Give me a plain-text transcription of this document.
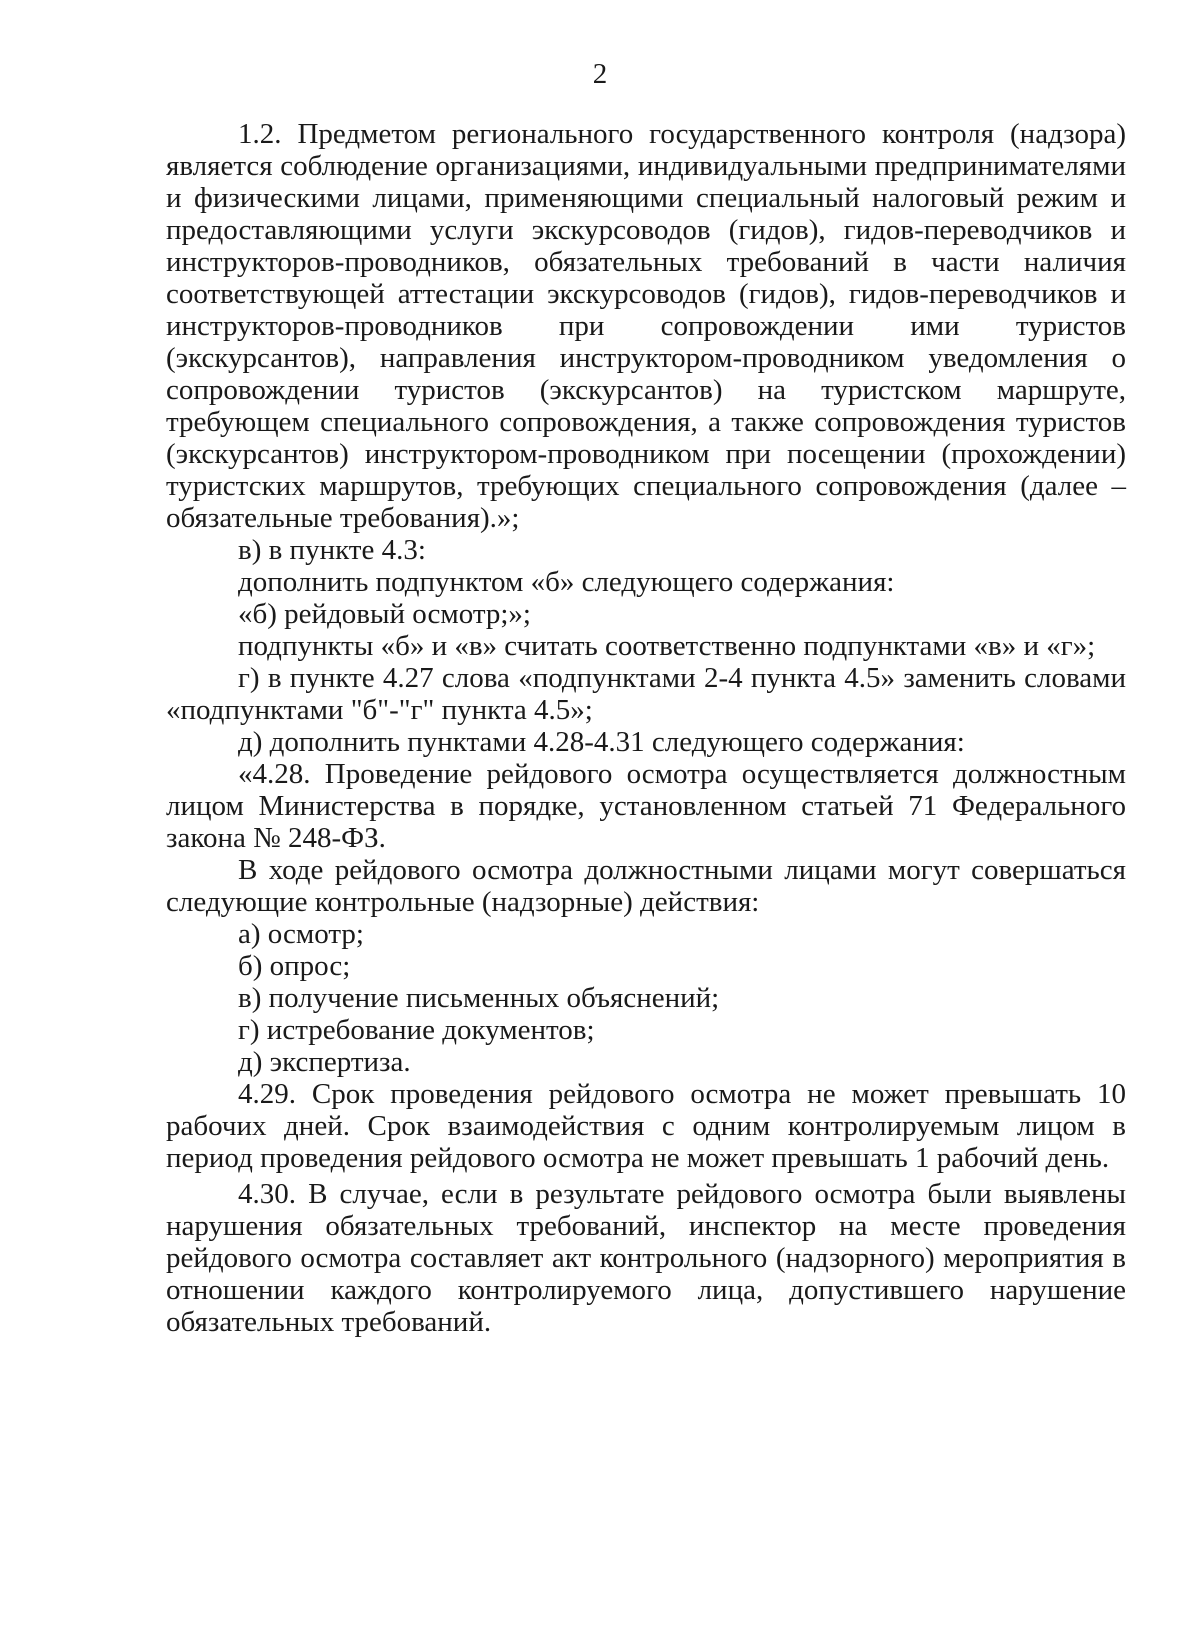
2

1.2. Предметом регионального государственного контроля (надзора) является соблюдение организациями, индивидуальными предпринимателями и физическими лицами, применяющими специальный налоговый режим и предоставляющими услуги экскурсоводов (гидов), гидов-переводчиков и инструкторов-проводников, обязательных требований в части наличия соответствующей аттестации экскурсоводов (гидов), гидов-переводчиков и инструкторов-проводников при сопровождении ими туристов (экскурсантов), направления инструктором-проводником уведомления о сопровождении туристов (экскурсантов) на туристском маршруте, требующем специального сопровождения, а также сопровождения туристов (экскурсантов) инструктором-проводником при посещении (прохождении) туристских маршрутов, требующих специального сопровождения (далее – обязательные требования).»;

в) в пункте 4.3:

дополнить подпунктом «б» следующего содержания:

«б) рейдовый осмотр;»;

подпункты «б» и «в» считать соответственно подпунктами «в» и «г»;

г) в пункте 4.27 слова «подпунктами 2-4 пункта 4.5» заменить словами «подпунктами "б"-"г" пункта 4.5»;

д) дополнить пунктами 4.28-4.31 следующего содержания:

«4.28. Проведение рейдового осмотра осуществляется должностным лицом Министерства в порядке, установленном статьей 71 Федерального закона № 248-ФЗ.

В ходе рейдового осмотра должностными лицами могут совершаться следующие контрольные (надзорные) действия:

а) осмотр;

б) опрос;

в) получение письменных объяснений;

г) истребование документов;

д) экспертиза.

4.29. Срок проведения рейдового осмотра не может превышать 10 рабочих дней. Срок взаимодействия с одним контролируемым лицом в период проведения рейдового осмотра не может превышать 1 рабочий день.

4.30. В случае, если в результате рейдового осмотра были выявлены нарушения обязательных требований, инспектор на месте проведения рейдового осмотра составляет акт контрольного (надзорного) мероприятия в отношении каждого контролируемого лица, допустившего нарушение обязательных требований.
